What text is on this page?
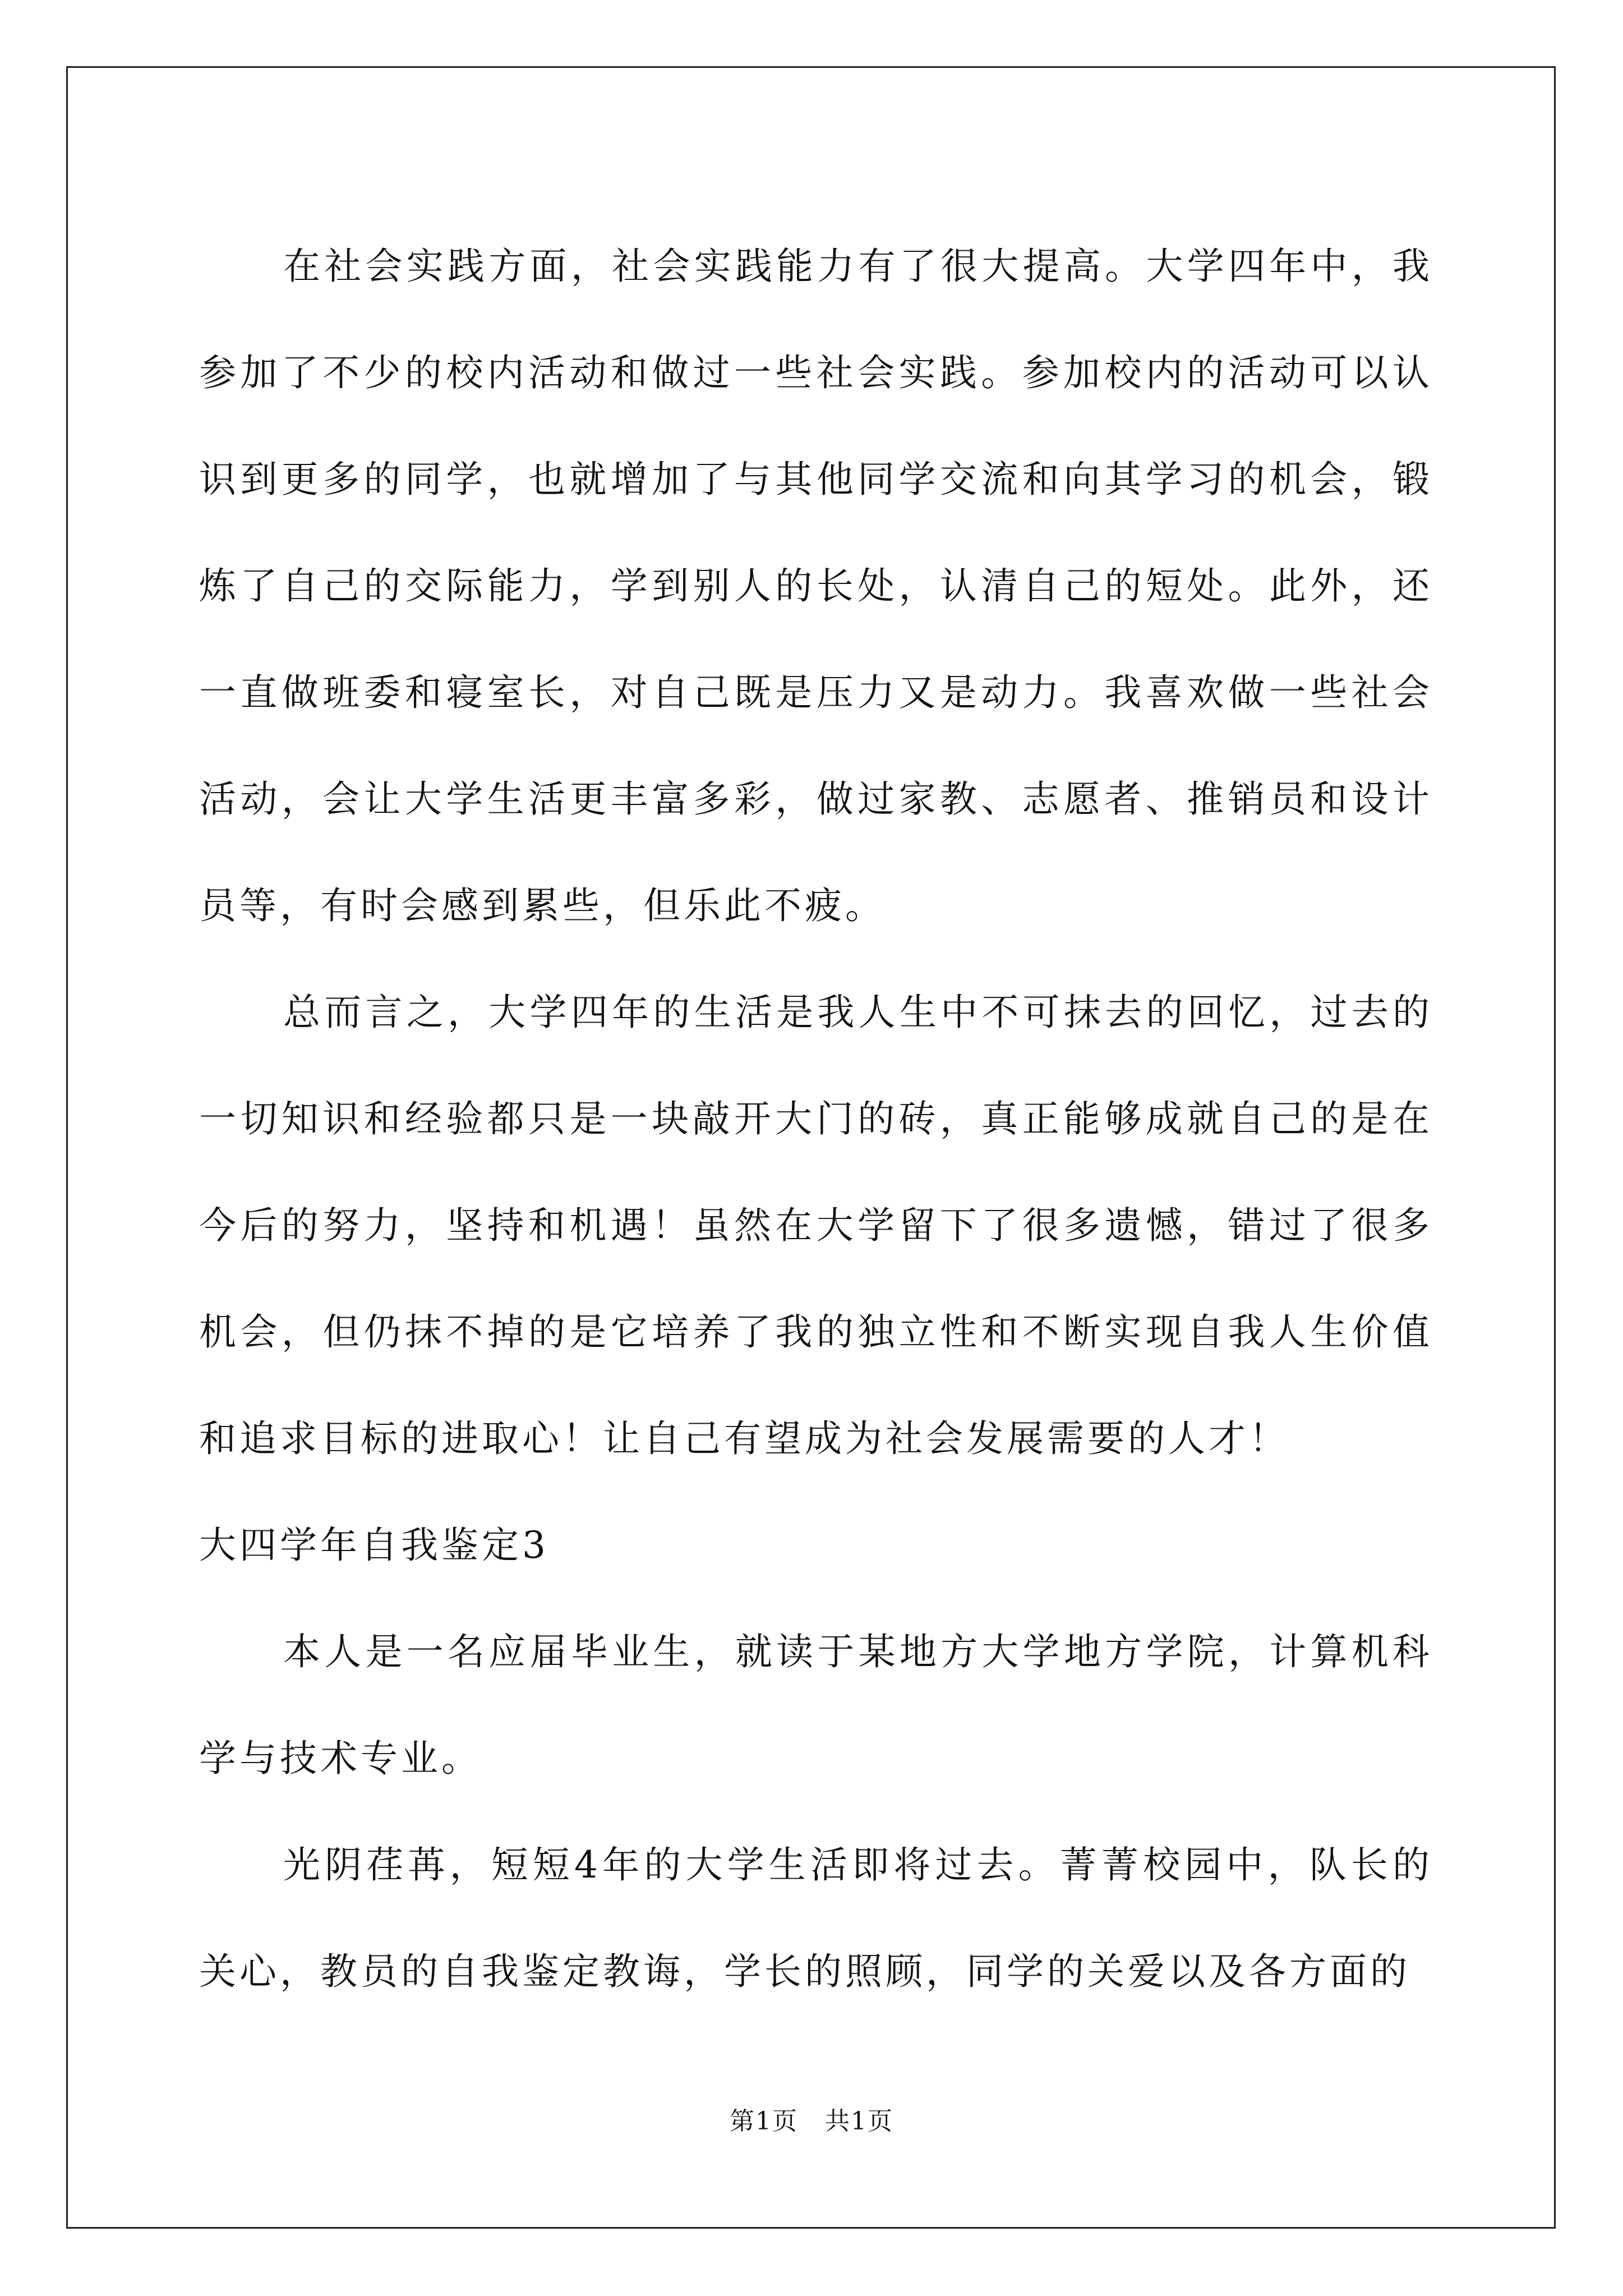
在社会实践方面，社会实践能力有了很大提高。大学四年中，我参加了不少的校内活动和做过一些社会实践。参加校内的活动可以认识到更多的同学，也就增加了与其他同学交流和向其学习的机会，锻炼了自己的交际能力，学到别人的长处，认清自己的短处。此外，还一直做班委和寝室长，对自己既是压力又是动力。我喜欢做一些社会活动，会让大学生活更丰富多彩，做过家教、志愿者、推销员和设计员等，有时会感到累些，但乐此不疲。

总而言之，大学四年的生活是我人生中不可抹去的回忆，过去的一切知识和经验都只是一块敲开大门的砖，真正能够成就自己的是在今后的努力，坚持和机遇！虽然在大学留下了很多遗憾，错过了很多机会，但仍抹不掉的是它培养了我的独立性和不断实现自我人生价值和追求目标的进取心！让自己有望成为社会发展需要的人才！

大四学年自我鉴定3

本人是一名应届毕业生，就读于某地方大学地方学院，计算机科学与技术专业。

光阴荏苒，短短4年的大学生活即将过去。菁菁校园中，队长的关心，教员的自我鉴定教诲，学长的照顾，同学的关爱以及各方面的

第1页 共1页
